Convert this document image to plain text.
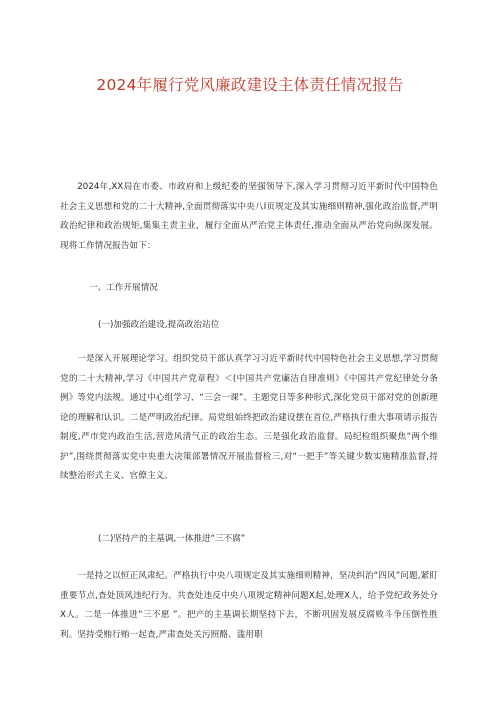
2024年履行党风廉政建设主体责任情况报告
2024年,XX局在市委、市政府和上级纪委的坚强领导下,深入学习贯彻习近平新时代中国特色社会主义思想和党的二十大精神,全面贯彻落实中央八I页规定及其实施细则精神,强化政治监督,严明政治纪律和政治规矩,集集主责主业，履行全面从严治党主体责任,推动全面从严治党向纵深发展。现将工作情况报告如下：
一、工作开展情况
(一)加强政治建设,提高政治站位
一是深入开展理论学习。组织党员干部认真学习习近平新时代中国特色社会主义思想,学习贯彻党的二十大精神,学习《中国共产党章程》＜(中国共产党廉洁自律准则》《中国共产党纪律处分条例》等党内法规。通过中心组学习、“三会一课”、主题党日等多种形式,深化党员干部对党的创新理论的理解和认识。二是严明政治纪律。局党组始终把政治建设摆在首位,严格执行重大事项请示报告制度,严市党内政治生活,营造风清气正的政治生态。三是强化政治监督。局纪检组织聚焦“两个维护”,围绕贯彻落实党中央重大决策部署情况开展监督检三,对“一把手”等关键少数实施精准监督,持续整治形式主义、官僚主义。
(二)坚持产的主基调,一体推进“三不腐”
一是持之以恒正风肃纪。严格执行中央八项规定及其实施细则精神，坚决纠治“四风”问题,紧盯重要节点,查处顶风违纪行为。共查处违反中央八项规定精神问题X起,处理X人，给予党纪政务处分X人。二是一体推进“三不愿 ”。把产的主基调长期坚持下去，不断巩固发展反腐败斗争压倒性胜利。坚持受贿行贿一起查,严肃查处关污照酪、滥用职
